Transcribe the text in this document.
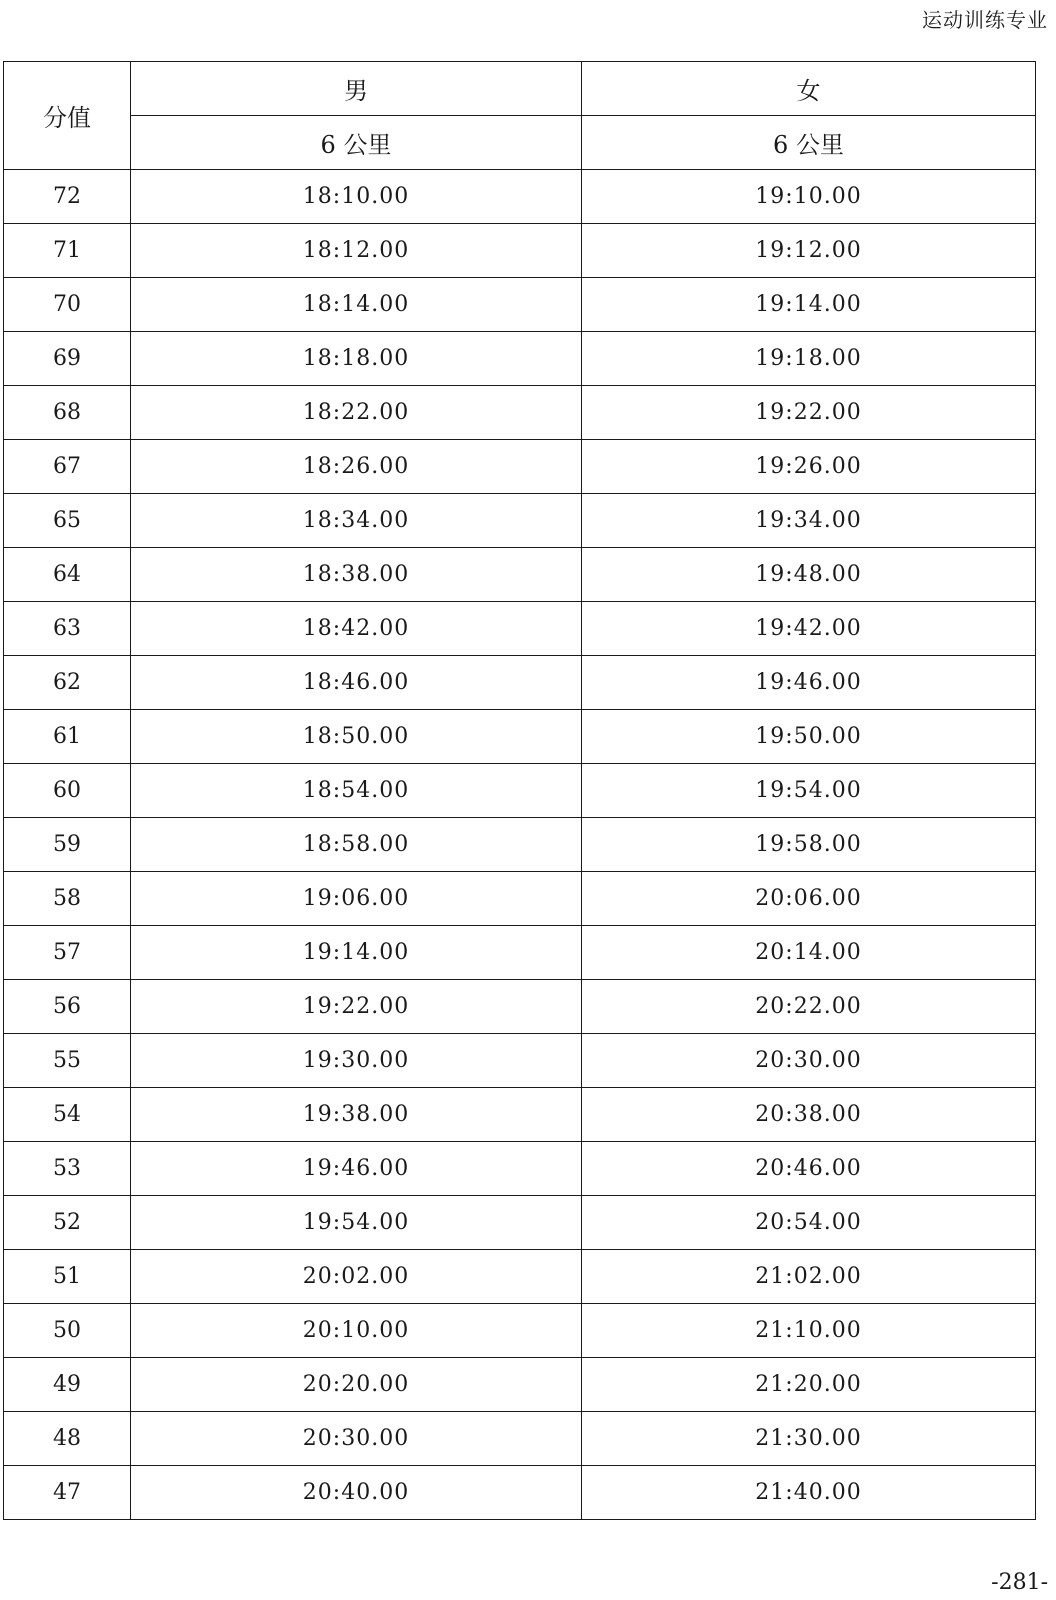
运动训练专业
分值	男	女
	6 公里	6 公里
72	18:10.00	19:10.00
71	18:12.00	19:12.00
70	18:14.00	19:14.00
69	18:18.00	19:18.00
68	18:22.00	19:22.00
67	18:26.00	19:26.00
65	18:34.00	19:34.00
64	18:38.00	19:48.00
63	18:42.00	19:42.00
62	18:46.00	19:46.00
61	18:50.00	19:50.00
60	18:54.00	19:54.00
59	18:58.00	19:58.00
58	19:06.00	20:06.00
57	19:14.00	20:14.00
56	19:22.00	20:22.00
55	19:30.00	20:30.00
54	19:38.00	20:38.00
53	19:46.00	20:46.00
52	19:54.00	20:54.00
51	20:02.00	21:02.00
50	20:10.00	21:10.00
49	20:20.00	21:20.00
48	20:30.00	21:30.00
47	20:40.00	21:40.00
-281-
